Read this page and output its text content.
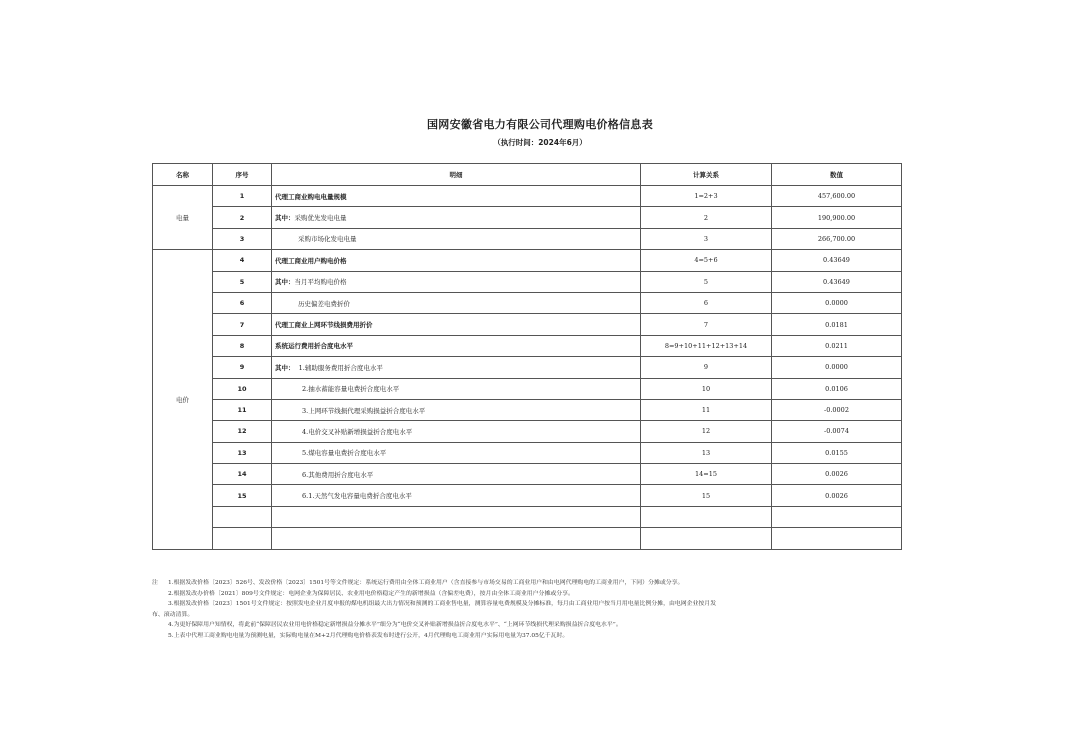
国网安徽省电力有限公司代理购电价格信息表
（执行时间：2024年6月）
名称	序号	明细	计算关系	数值
电量	1	代理工商业购电电量规模	1=2+3	457,600.00
	2	其中：采购优先发电电量	2	190,900.00
	3	采购市场化发电电量	3	266,700.00
电价	4	代理工商业用户购电价格	4=5+6	0.43649
	5	其中：当月平均购电价格	5	0.43649
	6	历史偏差电费折价	6	0.0000
	7	代理工商业上网环节线损费用折价	7	0.0181
	8	系统运行费用折合度电水平	8=9+10+11+12+13+14	0.0211
	9	其中： 1.辅助服务费用折合度电水平	9	0.0000
	10	2.抽水蓄能容量电费折合度电水平	10	0.0106
	11	3.上网环节线损代理采购损益折合度电水平	11	-0.0002
	12	4.电价交叉补贴新增损益折合度电水平	12	-0.0074
	13	5.煤电容量电费折合度电水平	13	0.0155
	14	6.其他费用折合度电水平	14=15	0.0026
	15	6.1.天然气发电容量电费折合度电水平	15	0.0026

注 1.根据发改价格〔2023〕526号、发改价格〔2023〕1501号等文件规定：系统运行费用由全体工商业用户（含直接参与市场交易的工商业用户和由电网代理购电的工商业用户，下同）分摊或分享。
2.根据发改办价格〔2021〕809号文件规定：电网企业为保障居民、农业用电价格稳定产生的新增损益（含偏差电费），按月由全体工商业用户分摊或分享。
3.根据发改价格〔2023〕1501号文件规定：按照发电企业月度申报的煤电机组最大出力情况和预测的工商业售电量，测算容量电费规模及分摊标准，每月由工商业用户按当月用电量比例分摊，由电网企业按月发
布、滚动清算。
4.为更好保障用户知情权，将此前“保障居民农业用电价格稳定新增损益分摊水平”细分为“电价交叉补贴新增损益折合度电水平”、“上网环节线损代理采购损益折合度电水平”。
5.上表中代理工商业购电电量为预测电量，实际购电量在M+2月代理购电价格表发布时进行公开，4月代理购电工商业用户实际用电量为37.05亿千瓦时。
